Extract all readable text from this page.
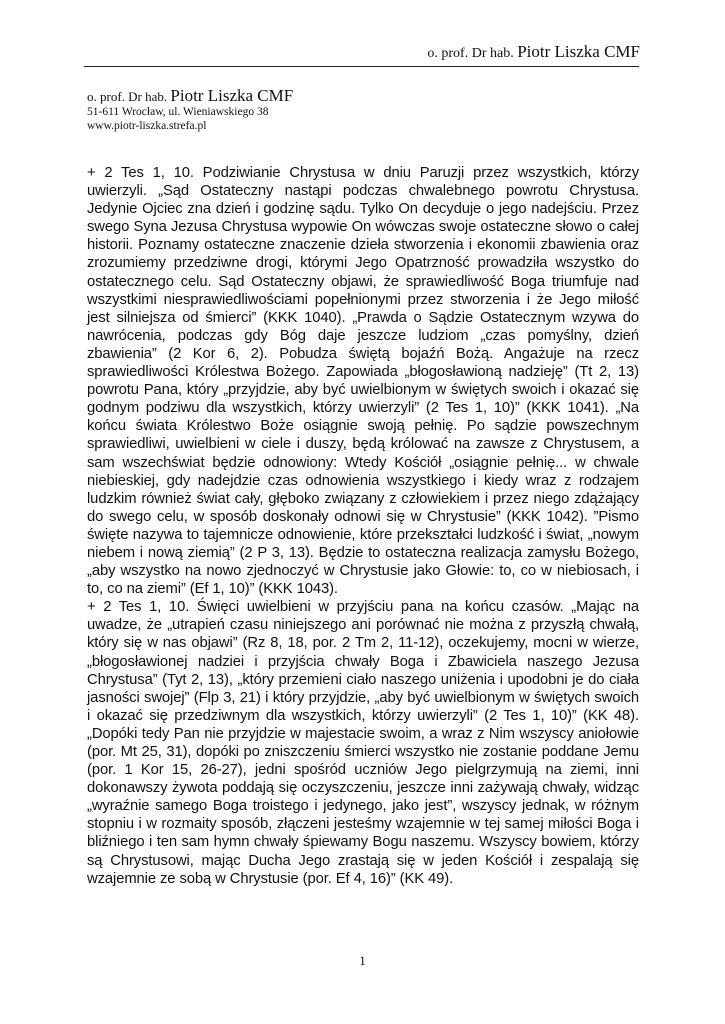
o. prof. Dr hab. Piotr Liszka CMF
o. prof. Dr hab. Piotr Liszka CMF
51-611 Wrocław, ul. Wieniawskiego 38
www.piotr-liszka.strefa.pl

+ 2 Tes 1, 10. Podziwianie Chrystusa w dniu Paruzji przez wszystkich, którzy uwierzyli. „Sąd Ostateczny nastąpi podczas chwalebnego powrotu Chrystusa. Jedynie Ojciec zna dzień i godzinę sądu. Tylko On decyduje o jego nadejściu. Przez swego Syna Jezusa Chrystusa wypowie On wówczas swoje ostateczne słowo o całej historii. Poznamy ostateczne znaczenie dzieła stworzenia i ekonomii zbawienia oraz zrozumiemy przedziwne drogi, którymi Jego Opatrzność prowadziła wszystko do ostatecznego celu. Sąd Ostateczny objawi, że sprawiedliwość Boga triumfuje nad wszystkimi niesprawiedliwościami popełnionymi przez stworzenia i że Jego miłość jest silniejsza od śmierci” (KKK 1040). „Prawda o Sądzie Ostatecznym wzywa do nawrócenia, podczas gdy Bóg daje jeszcze ludziom „czas pomyślny, dzień zbawienia” (2 Kor 6, 2). Pobudza świętą bojaźń Bożą. Angażuje na rzecz sprawiedliwości Królestwa Bożego. Zapowiada „błogosławioną nadzieję” (Tt 2, 13) powrotu Pana, który „przyjdzie, aby być uwielbionym w świętych swoich i okazać się godnym podziwu dla wszystkich, którzy uwierzyli” (2 Tes 1, 10)” (KKK 1041). „Na końcu świata Królestwo Boże osiągnie swoją pełnię. Po sądzie powszechnym sprawiedliwi, uwielbieni w ciele i duszy, będą królować na zawsze z Chrystusem, a sam wszechświat będzie odnowiony: Wtedy Kościół „osiągnie pełnię... w chwale niebieskiej, gdy nadejdzie czas odnowienia wszystkiego i kiedy wraz z rodzajem ludzkim również świat cały, głęboko związany z człowiekiem i przez niego zdążający do swego celu, w sposób doskonały odnowi się w Chrystusie” (KKK 1042). ”Pismo święte nazywa to tajemnicze odnowienie, które przekształci ludzkość i świat, „nowym niebem i nową ziemią” (2 P 3, 13). Będzie to ostateczna realizacja zamysłu Bożego, „aby wszystko na nowo zjednoczyć w Chrystusie jako Głowie: to, co w niebiosach, i to, co na ziemi” (Ef 1, 10)” (KKK 1043).

+ 2 Tes 1, 10. Święci uwielbieni w przyjściu pana na końcu czasów. „Mając na uwadze, że „utrapień czasu niniejszego ani porównać nie można z przyszłą chwałą, który się w nas objawi” (Rz 8, 18, por. 2 Tm 2, 11-12), oczekujemy, mocni w wierze, „błogosławionej nadziei i przyjścia chwały Boga i Zbawiciela naszego Jezusa Chrystusa” (Tyt 2, 13), „który przemieni ciało naszego uniżenia i upodobni je do ciała jasności swojej” (Flp 3, 21) i który przyjdzie, „aby być uwielbionym w świętych swoich i okazać się przedziwnym dla wszystkich, którzy uwierzyli” (2 Tes 1, 10)” (KK 48). „Dopóki tedy Pan nie przyjdzie w majestacie swoim, a wraz z Nim wszyscy aniołowie (por. Mt 25, 31), dopóki po zniszczeniu śmierci wszystko nie zostanie poddane Jemu (por. 1 Kor 15, 26-27), jedni spośród uczniów Jego pielgrzymują na ziemi, inni dokonawszy żywota poddają się oczyszczeniu, jeszcze inni zażywają chwały, widząc „wyraźnie samego Boga troistego i jedynego, jako jest”, wszyscy jednak, w różnym stopniu i w rozmaity sposób, złączeni jesteśmy wzajemnie w tej samej miłości Boga i bliźniego i ten sam hymn chwały śpiewamy Bogu naszemu. Wszyscy bowiem, którzy są Chrystusowi, mając Ducha Jego zrastają się w jeden Kościół i zespalają się wzajemnie ze sobą w Chrystusie (por. Ef 4, 16)” (KK 49).

1
